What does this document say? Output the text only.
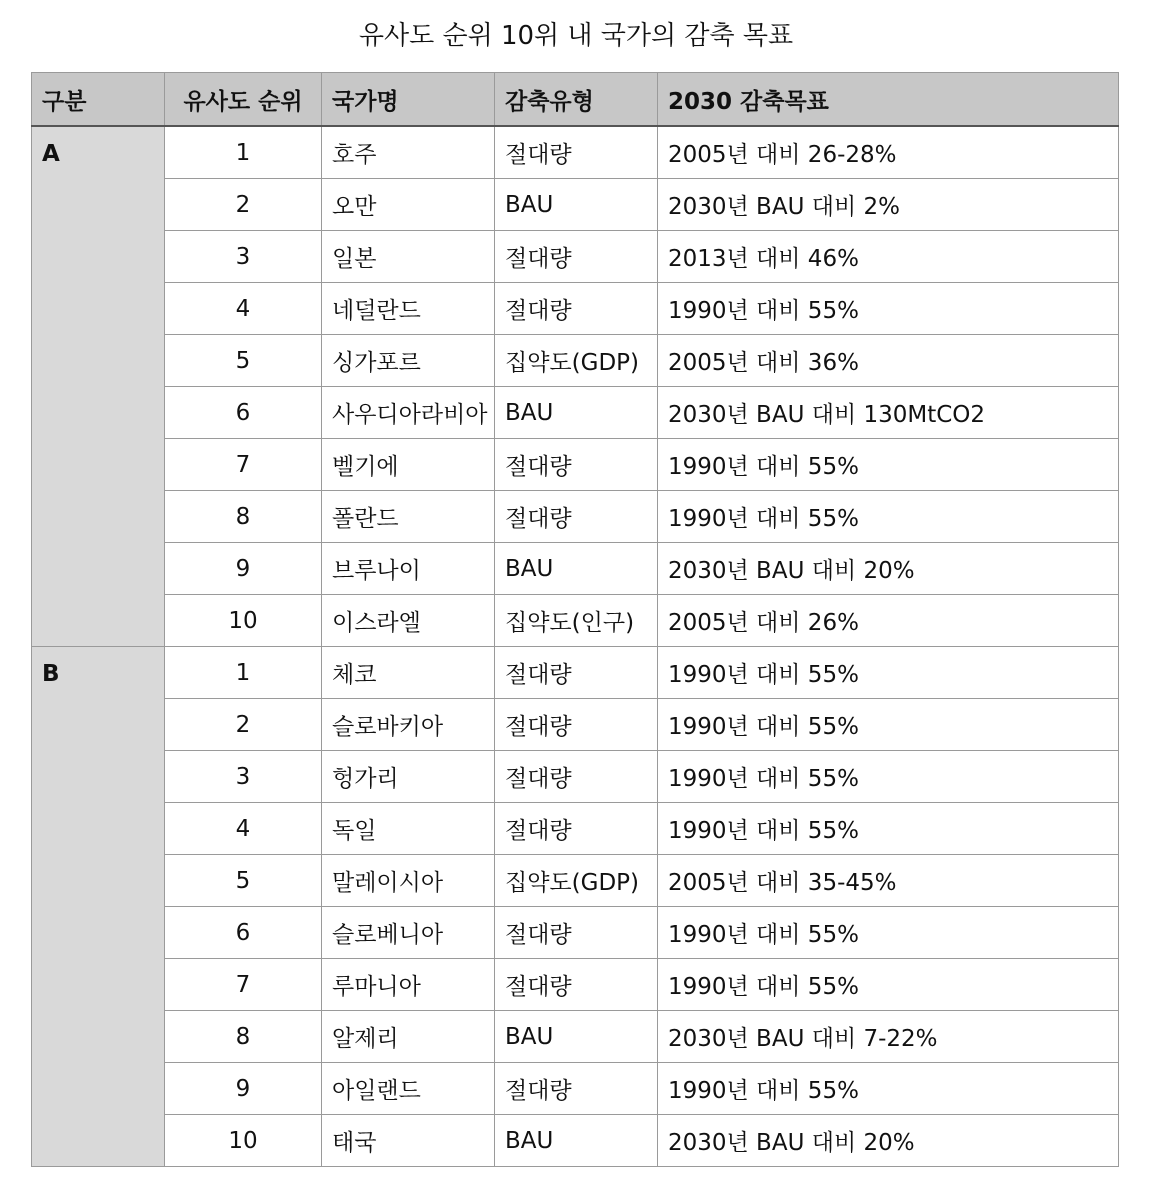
유사도 순위 10위 내 국가의 감축 목표
구분	유사도 순위	국가명	감축유형	2030 감축목표
A	1	호주	절대량	2005년 대비 26-28%
	2	오만	BAU	2030년 BAU 대비 2%
	3	일본	절대량	2013년 대비 46%
	4	네덜란드	절대량	1990년 대비 55%
	5	싱가포르	집약도(GDP)	2005년 대비 36%
	6	사우디아라비아	BAU	2030년 BAU 대비 130MtCO2
	7	벨기에	절대량	1990년 대비 55%
	8	폴란드	절대량	1990년 대비 55%
	9	브루나이	BAU	2030년 BAU 대비 20%
	10	이스라엘	집약도(인구)	2005년 대비 26%
B	1	체코	절대량	1990년 대비 55%
	2	슬로바키아	절대량	1990년 대비 55%
	3	헝가리	절대량	1990년 대비 55%
	4	독일	절대량	1990년 대비 55%
	5	말레이시아	집약도(GDP)	2005년 대비 35-45%
	6	슬로베니아	절대량	1990년 대비 55%
	7	루마니아	절대량	1990년 대비 55%
	8	알제리	BAU	2030년 BAU 대비 7-22%
	9	아일랜드	절대량	1990년 대비 55%
	10	태국	BAU	2030년 BAU 대비 20%
